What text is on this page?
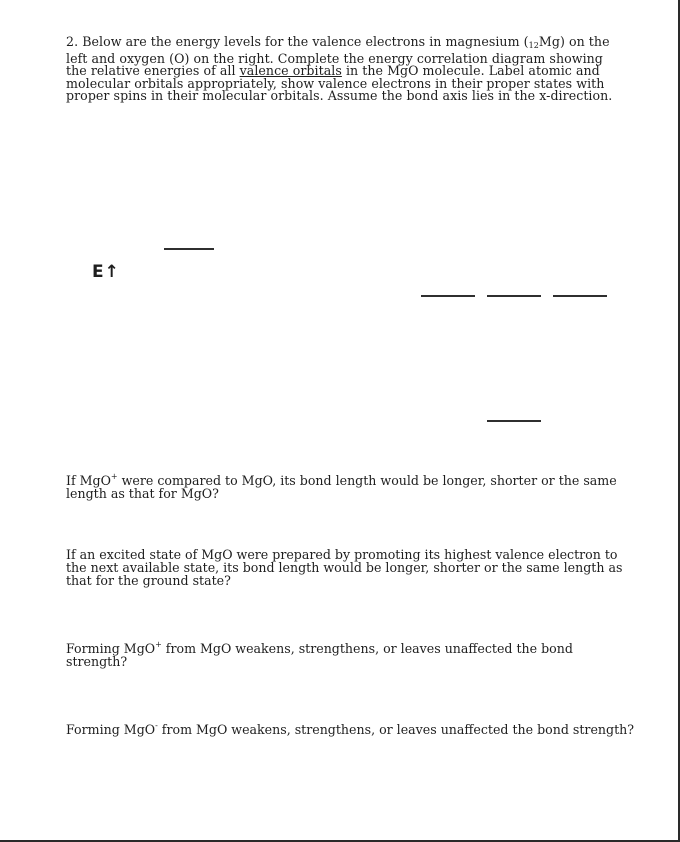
2. Below are the energy levels for the valence electrons in magnesium $(_{12}Mg)$ on the left and oxygen (O) on the right. Complete the energy correlation diagram showing the relative energies of all valence orbitals in the MgO molecule. Label atomic and molecular orbitals appropriately, show valence electrons in their proper states with proper spins in their molecular orbitals. Assume the bond axis lies in the x-direction.

E↑

If MgO+ were compared to MgO, its bond length would be longer, shorter or the same length as that for MgO?

If an excited state of MgO were prepared by promoting its highest valence electron to the next available state, its bond length would be longer, shorter or the same length as that for the ground state?

Forming MgO+ from MgO weakens, strengthens, or leaves unaffected the bond strength?

Forming MgO- from MgO weakens, strengthens, or leaves unaffected the bond strength?
